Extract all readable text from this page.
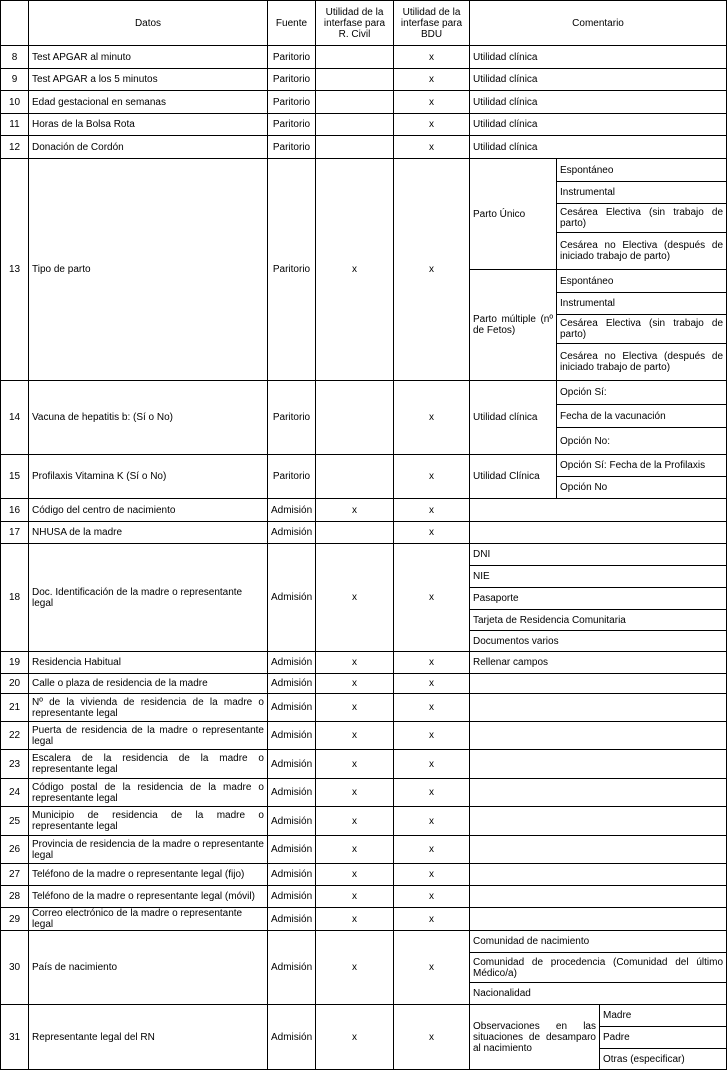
	Datos	Fuente	Utilidad de la interfase para R. Civil	Utilidad de la interfase para BDU	Comentario		
8	Test APGAR al minuto	Paritorio		x	Utilidad clínica		
9	Test APGAR a los 5 minutos	Paritorio		x	Utilidad clínica		
10	Edad gestacional en semanas	Paritorio		x	Utilidad clínica		
11	Horas de la Bolsa Rota	Paritorio		x	Utilidad clínica		
12	Donación de Cordón	Paritorio		x	Utilidad clínica		
13	Tipo de parto	Paritorio	x	x	Parto Único	Espontáneo	
						Instrumental	
						Cesárea Electiva (sin trabajo de parto)	
						Cesárea no Electiva (después de iniciado trabajo de parto)	
					Parto múltiple (nº de Fetos)	Espontáneo	
						Instrumental	
						Cesárea Electiva (sin trabajo de parto)	
						Cesárea no Electiva (después de iniciado trabajo de parto)	
14	Vacuna de hepatitis b: (Sí o No)	Paritorio		x	Utilidad clínica	Opción Sí:	
						Fecha de la vacunación	
						Opción No:	
15	Profilaxis Vitamina K (Sí o No)	Paritorio		x	Utilidad Clínica	Opción Sí: Fecha de la Profilaxis	
						Opción No	
16	Código del centro de nacimiento	Admisión	x	x			
17	NHUSA de la madre	Admisión		x			
18	Doc. Identificación de la madre o representante legal	Admisión	x	x	DNI		
					NIE		
					Pasaporte		
					Tarjeta de Residencia Comunitaria		
					Documentos varios		
19	Residencia Habitual	Admisión	x	x	Rellenar campos		
20	Calle o plaza de residencia de la madre	Admisión	x	x			
21	Nº de la vivienda de residencia de la madre o representante legal	Admisión	x	x			
22	Puerta de residencia de la madre o representante legal	Admisión	x	x			
23	Escalera de la residencia de la madre o representante legal	Admisión	x	x			
24	Código postal de la residencia de la madre o representante legal	Admisión	x	x			
25	Municipio de residencia de la madre o representante legal	Admisión	x	x			
26	Provincia de residencia de la madre o representante legal	Admisión	x	x			
27	Teléfono de la madre o representante legal (fijo)	Admisión	x	x			
28	Teléfono de la madre o representante legal (móvil)	Admisión	x	x			
29	Correo electrónico de la madre o representante legal	Admisión	x	x			
30	País de nacimiento	Admisión	x	x	Comunidad de nacimiento		
					Comunidad de procedencia (Comunidad del último Médico/a)		
					Nacionalidad		
31	Representante legal del RN	Admisión	x	x	Observaciones en las situaciones de desamparo al nacimiento		Madre
							Padre
							Otras (especificar)
